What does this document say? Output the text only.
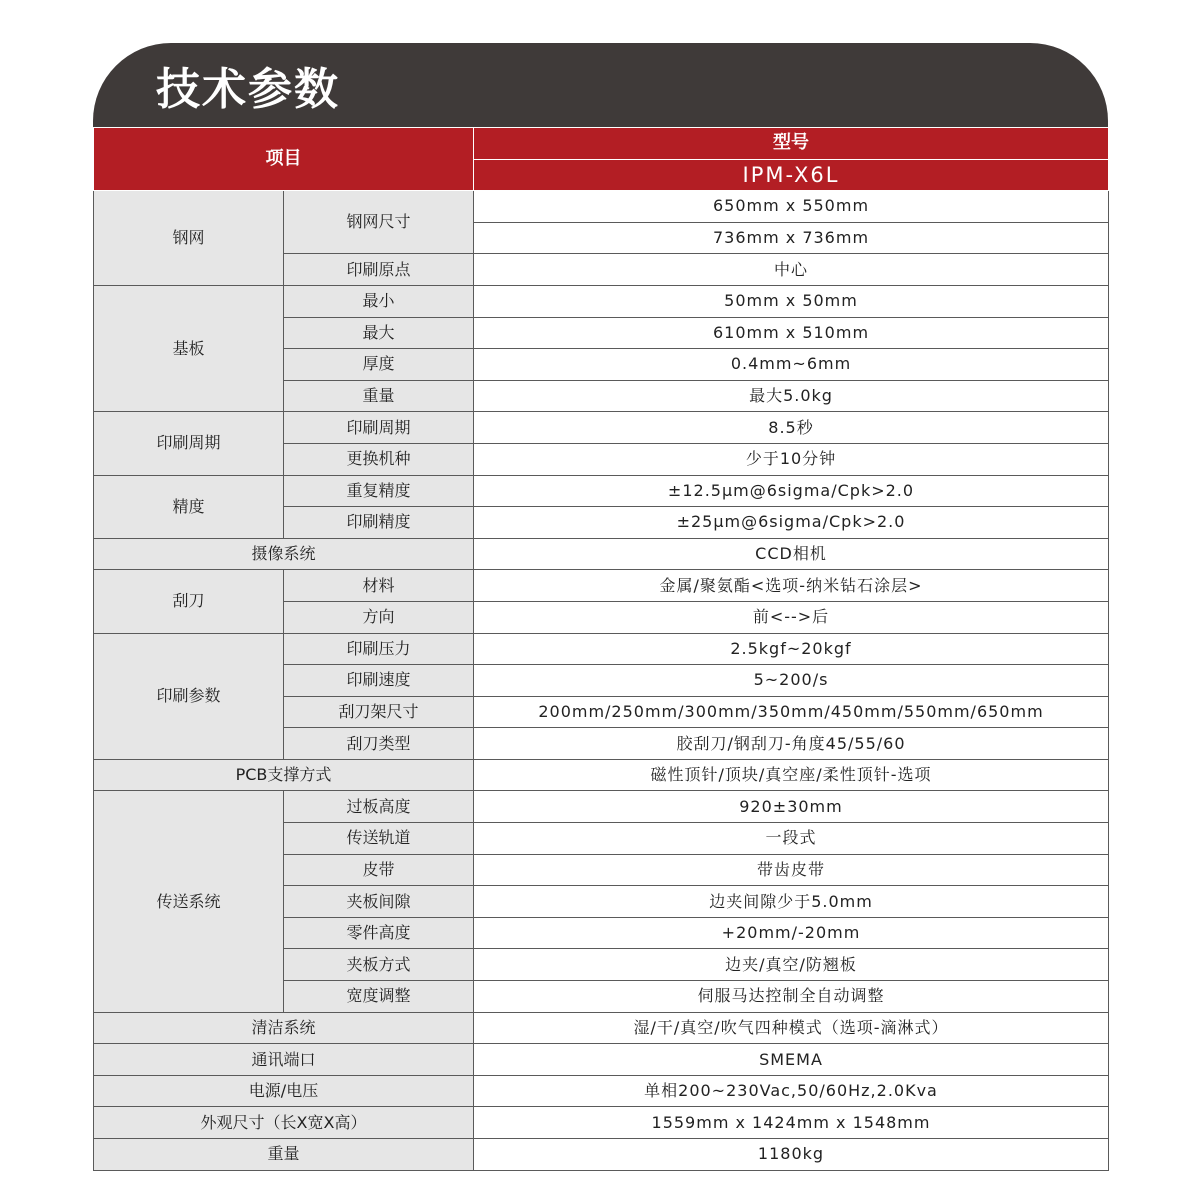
技术参数
项目		型号
		IPM-X6L
钢网	钢网尺寸	650mm x 550mm
		736mm x 736mm
	印刷原点	中心
基板	最小	50mm x 50mm
	最大	610mm x 510mm
	厚度	0.4mm~6mm
	重量	最大5.0kg
印刷周期	印刷周期	8.5秒
	更换机种	少于10分钟
精度	重复精度	±12.5μm@6sigma/Cpk>2.0
	印刷精度	±25μm@6sigma/Cpk>2.0
摄像系统		CCD相机
刮刀	材料	金属/聚氨酯<选项-纳米钻石涂层>
	方向	前<-->后
印刷参数	印刷压力	2.5kgf~20kgf
	印刷速度	5~200/s
	刮刀架尺寸	200mm/250mm/300mm/350mm/450mm/550mm/650mm
	刮刀类型	胶刮刀/钢刮刀-角度45/55/60
PCB支撑方式		磁性顶针/顶块/真空座/柔性顶针-选项
传送系统	过板高度	920±30mm
	传送轨道	一段式
	皮带	带齿皮带
	夹板间隙	边夹间隙少于5.0mm
	零件高度	+20mm/-20mm
	夹板方式	边夹/真空/防翘板
	宽度调整	伺服马达控制全自动调整
清洁系统		湿/干/真空/吹气四种模式（选项-滴淋式）
通讯端口		SMEMA
电源/电压		单相200~230Vac,50/60Hz,2.0Kva
外观尺寸（长X宽X高）		1559mm x 1424mm x 1548mm
重量		1180kg
